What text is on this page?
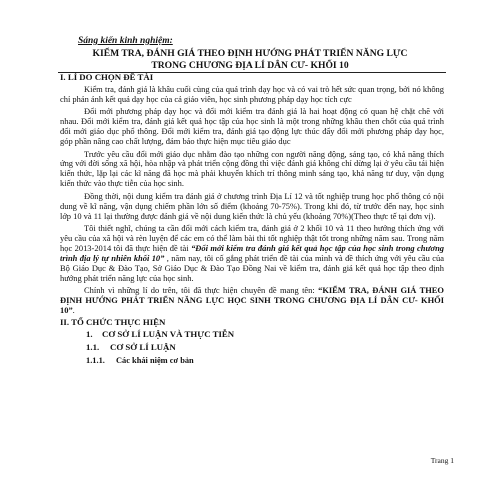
Sáng kiến kinh nghiệm:
KIỂM TRA, ĐÁNH GIÁ THEO ĐỊNH HƯỚNG PHÁT TRIỂN NĂNG LỰC
TRONG CHƯƠNG ĐỊA LÍ DÂN CƯ- KHỐI 10
I. LÍ DO CHỌN ĐỀ TÀI

Kiểm tra, đánh giá là khâu cuối cùng của quá trình dạy học và có vai trò hết sức quan trọng, bởi nó không chỉ phản ánh kết quả dạy học của cả giáo viên, học sinh phương pháp dạy học tích cực

Đổi mới phương pháp dạy học và đổi mới kiểm tra đánh giá là hai hoạt động có quan hệ chặt chẽ với nhau. Đổi mới kiểm tra, đánh giá kết quả học tập của học sinh là một trong những khâu then chốt của quá trình đổi mới giáo dục phổ thông. Đổi mới kiểm tra, đánh giá tạo động lực thúc đẩy đổi mới phương pháp dạy học, góp phần nâng cao chất lượng, đảm bảo thực hiện mục tiêu giáo dục

Trước yêu cầu đổi mới giáo dục nhằm đào tạo những con người năng động, sáng tạo, có khả năng thích ứng với đời sống xã hội, hòa nhập và phát triển cộng đồng thì việc đánh giá không chỉ dừng lại ở yêu cầu tái hiện kiến thức, lặp lại các kĩ năng đã học mà phải khuyến khích trí thông minh sáng tạo, khả năng tư duy, vận dụng kiến thức vào thực tiễn của học sinh.

Đồng thời, nội dung kiểm tra đánh giá ở chương trình Địa Lí 12 và tốt nghiệp trung học phổ thông có nội dung về kĩ năng, vận dụng chiếm phần lớn số điểm (khoảng 70-75%). Trong khi đó, từ trước đến nay, học sinh lớp 10 và 11 lại thường được đánh giá về nội dung kiến thức là chủ yếu (khoảng 70%)(Theo thực tế tại đơn vị).

Tôi thiết nghĩ, chúng ta cần đổi mới cách kiểm tra, đánh giá ở 2 khối 10 và 11 theo hướng thích ứng với yêu cầu của xã hội và rèn luyện để các em có thể làm bài thi tốt nghiệp thật tốt trong những năm sau. Trong năm học 2013-2014 tôi đã thực hiện đề tài “Đổi mới kiểm tra đánh giá kết quả học tập của học sinh trong chương trình địa lý tự nhiên khối 10” , năm nay, tôi cố gắng phát triển đề tài của mình và đề thích ứng với yêu cầu của Bộ Giáo Dục & Đào Tạo, Sở Giáo Dục & Đào Tạo Đồng Nai về kiểm tra, đánh giá kết quả học tập theo định hướng phát triển năng lực của học sinh.

Chính vì những lí do trên, tôi đã thực hiện chuyên đề mang tên: “KIỂM TRA, ĐÁNH GIÁ THEO ĐỊNH HƯỚNG PHÁT TRIỂN NĂNG LỰC HỌC SINH TRONG CHƯƠNG ĐỊA LÍ DÂN CƯ- KHỐI 10”.

II. TỔ CHỨC THỰC HIỆN
1. CƠ SỞ LÍ LUẬN VÀ THỰC TIỄN
1.1. CƠ SỞ LÍ LUẬN
1.1.1. Các khái niệm cơ bản
Trang 1
